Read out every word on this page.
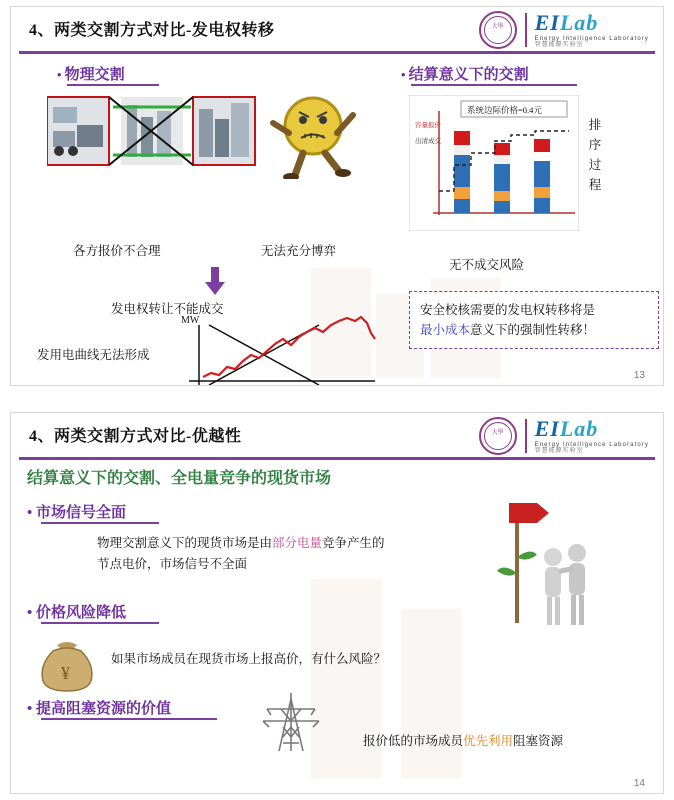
4、两类交割方式对比-发电权转移	大學	EILab
Energy Intelligence Laboratory
智慧能源实验室
• 物理交割
各方报价不合理	无法充分博弈
发电权转让不能成交
发用电曲线无法形成
MW
• 结算意义下的交割
系统边际价格=0.4元
容量报价
出清成交
排序过程
无不成交风险
安全校核需要的发电权转移将是
最小成本意义下的强制性转移！
13
4、两类交割方式对比-优越性	大學	EILab
Energy Intelligence Laboratory
智慧能源实验室
结算意义下的交割、全电量竞争的现货市场
• 市场信号全面
物理交割意义下的现货市场是由部分电量竞争产生的节点电价，市场信号不全面
• 价格风险降低
¥
如果市场成员在现货市场上报高价，有什么风险？
• 提高阻塞资源的价值
报价低的市场成员优先利用阻塞资源
14
